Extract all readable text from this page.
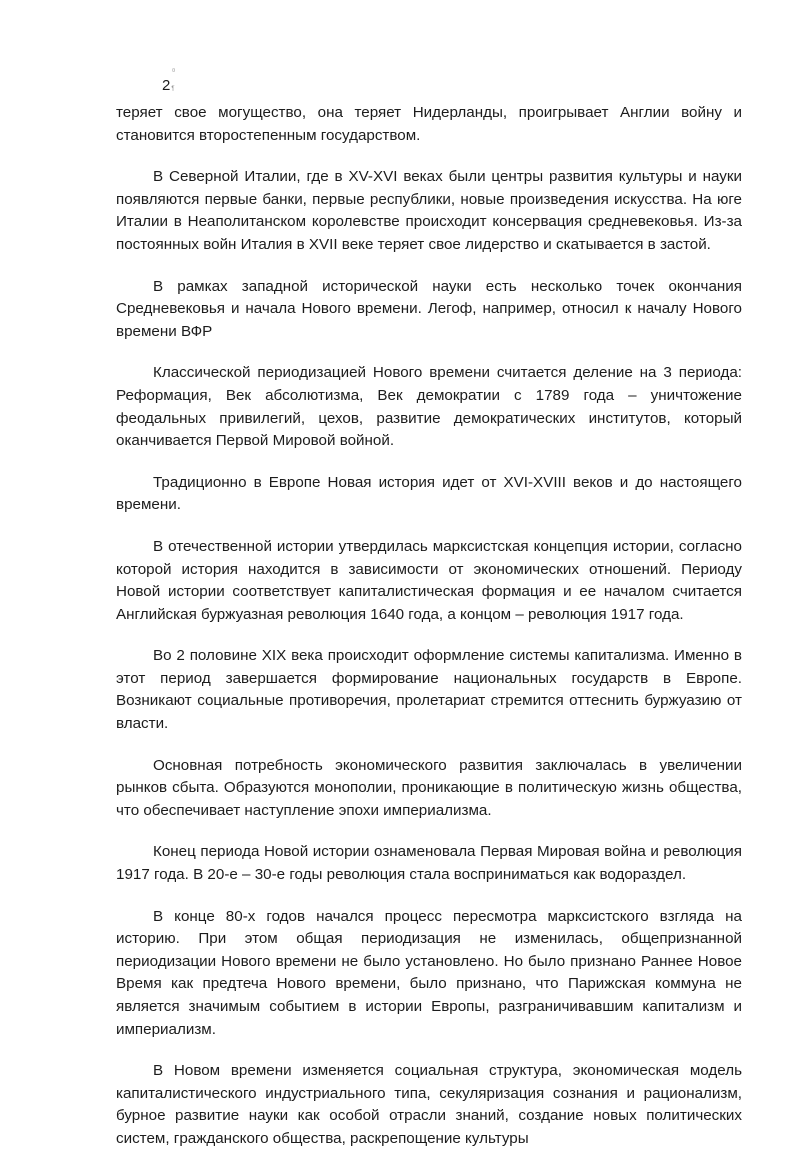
¤
2¶

теряет свое могущество, она теряет Нидерланды, проигрывает Англии войну и становится второстепенным государством.

В Северной Италии, где в XV-XVI веках были центры развития культуры и науки появляются первые банки, первые республики, новые произведения искусства. На юге Италии в Неаполитанском королевстве происходит консервация средневековья. Из-за постоянных войн Италия в XVII веке теряет свое лидерство и скатывается в застой.

В рамках западной исторической науки есть несколько точек окончания Средневековья и начала Нового времени. Легоф, например, относил к началу Нового времени ВФР

Классической периодизацией Нового времени считается деление на 3 периода: Реформация, Век абсолютизма, Век демократии с 1789 года – уничтожение феодальных привилегий, цехов, развитие демократических институтов, который оканчивается Первой Мировой войной.

Традиционно в Европе Новая история идет от XVI-XVIII веков и до настоящего времени.

В отечественной истории утвердилась марксистская концепция истории, согласно которой история находится в зависимости от экономических отношений. Периоду Новой истории соответствует капиталистическая формация и ее началом считается Английская буржуазная революция 1640 года, а концом – революция 1917 года.

Во 2 половине XIX века происходит оформление системы капитализма. Именно в этот период завершается формирование национальных государств в Европе. Возникают социальные противоречия, пролетариат стремится оттеснить буржуазию от власти.

Основная потребность экономического развития заключалась в увеличении рынков сбыта. Образуются монополии, проникающие в политическую жизнь общества, что обеспечивает наступление эпохи империализма.

Конец периода Новой истории ознаменовала Первая Мировая война и революция 1917 года. В 20-е – 30-е годы революция стала восприниматься как водораздел.

В конце 80-х годов начался процесс пересмотра марксистского взгляда на историю. При этом общая периодизация не изменилась, общепризнанной периодизации Нового времени не было установлено. Но было признано Раннее Новое Время как предтеча Нового времени, было признано, что Парижская коммуна не является значимым событием в истории Европы, разграничивавшим капитализм и империализм.

В Новом времени изменяется социальная структура, экономическая модель капиталистического индустриального типа, секуляризация сознания и рационализм, бурное развитие науки как особой отрасли знаний, создание новых политических систем, гражданского общества, раскрепощение культуры
